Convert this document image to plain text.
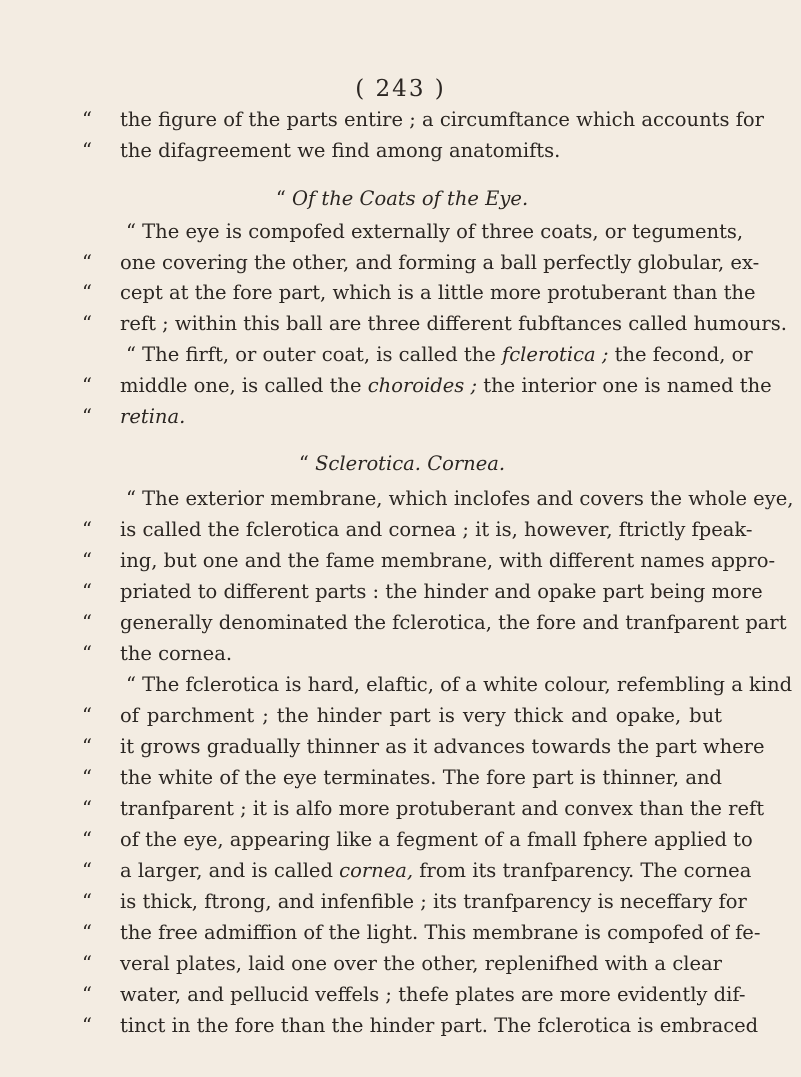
( 243 )
“ the figure of the parts entire ; a circumftance which accounts for
“ the difagreement we find among anatomifts.
“ Of the Coats of the Eye.
“ The eye is compofed externally of three coats, or teguments,
“ one covering the other, and forming a ball perfectly globular, ex-
“ cept at the fore part, which is a little more protuberant than the
“ reft ; within this ball are three different fubftances called humours.
“ The firft, or outer coat, is called the fclerotica ; the fecond, or
“ middle one, is called the choroides ; the interior one is named the
“ retina.
“ Sclerotica. Cornea.
“ The exterior membrane, which inclofes and covers the whole eye,
“ is called the fclerotica and cornea ; it is, however, ftrictly fpeak-
“ ing, but one and the fame membrane, with different names appro-
“ priated to different parts : the hinder and opake part being more
“ generally denominated the fclerotica, the fore and tranfparent part
“ the cornea.
“ The fclerotica is hard, elaftic, of a white colour, refembling a kind
“ of parchment ; the hinder part is very thick and opake, but
“ it grows gradually thinner as it advances towards the part where
“ the white of the eye terminates. The fore part is thinner, and
“ tranfparent ; it is alfo more protuberant and convex than the reft
“ of the eye, appearing like a fegment of a fmall fphere applied to
“ a larger, and is called cornea, from its tranfparency. The cornea
“ is thick, ftrong, and infenfible ; its tranfparency is neceffary for
“ the free admiffion of the light. This membrane is compofed of fe-
“ veral plates, laid one over the other, replenifhed with a clear
“ water, and pellucid veffels ; thefe plates are more evidently dif-
“ tinct in the fore than the hinder part. The fclerotica is embraced
